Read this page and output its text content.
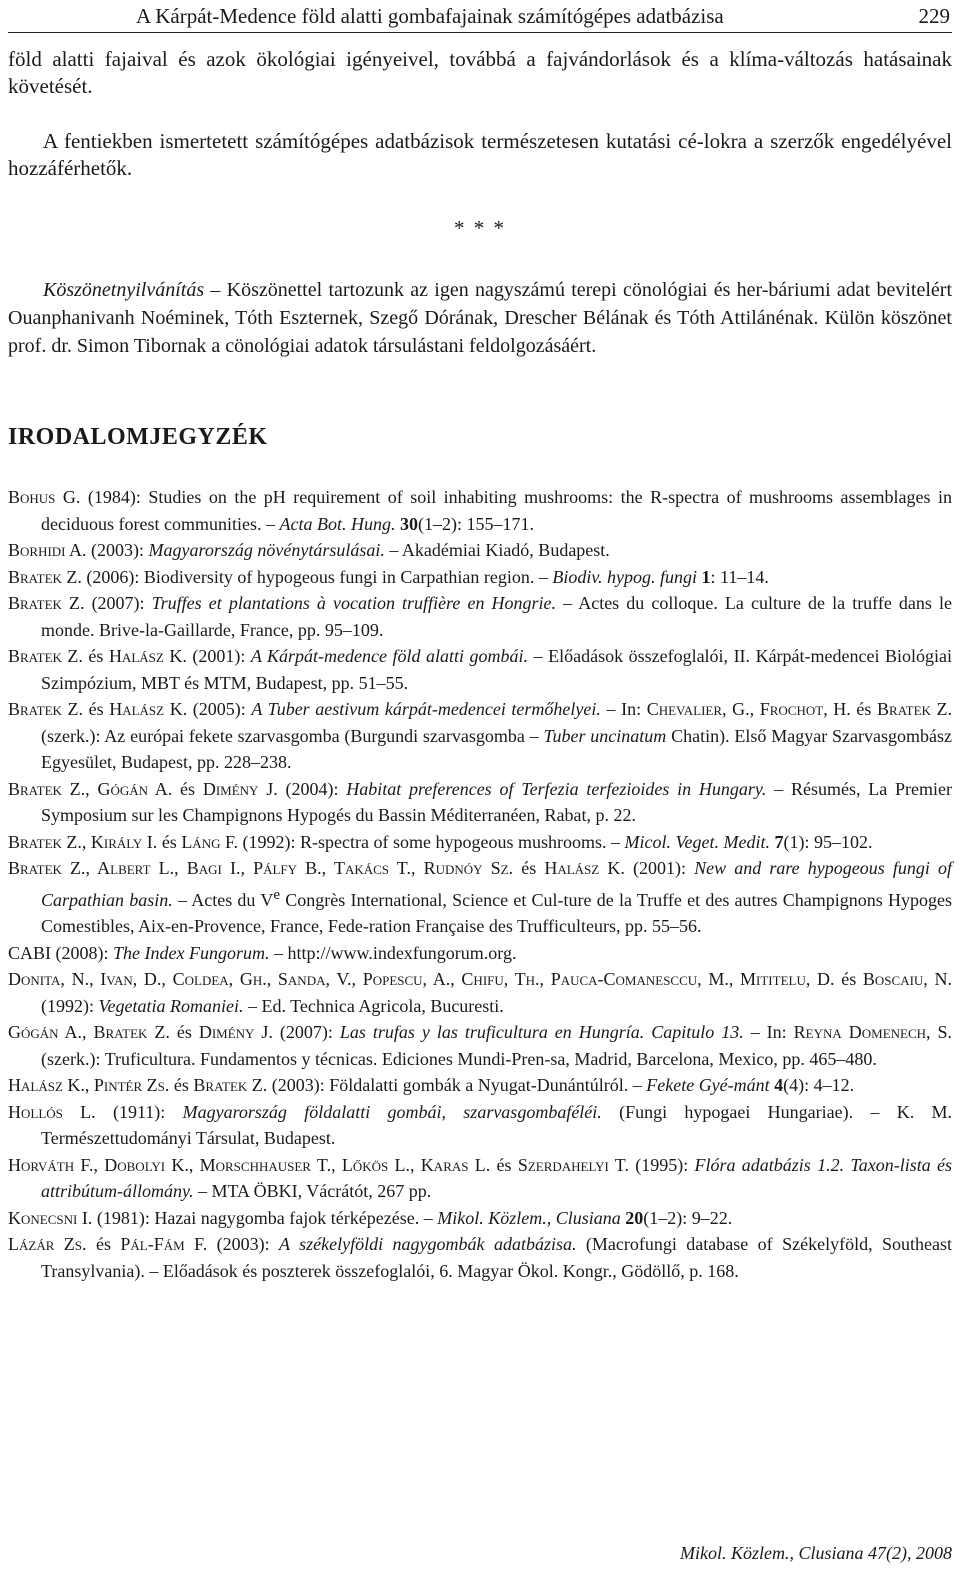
A Kárpát-Medence föld alatti gombafajainak számítógépes adatbázisa	229
föld alatti fajaival és azok ökológiai igényeivel, továbbá a fajvándorlások és a klíma-változás hatásainak követését.
A fentiekben ismertetett számítógépes adatbázisok természetesen kutatási cé-lokra a szerzők engedélyével hozzáférhetők.
* * *
Köszönetnyilvánítás – Köszönettel tartozunk az igen nagyszámú terepi cönológiai és her-báriumi adat bevitelért Ouanphanivanh Noéminek, Tóth Eszternek, Szegő Dórának, Drescher Bélának és Tóth Attilánénak. Külön köszönet prof. dr. Simon Tibornak a cönológiai adatok társulástani feldolgozásáért.
IRODALOMJEGYZÉK

Bohus G. (1984): Studies on the pH requirement of soil inhabiting mushrooms: the R-spectra of mushrooms assemblages in deciduous forest communities. – Acta Bot. Hung. 30(1–2): 155–171.

Borhidi A. (2003): Magyarország növénytársulásai. – Akadémiai Kiadó, Budapest.

Bratek Z. (2006): Biodiversity of hypogeous fungi in Carpathian region. – Biodiv. hypog. fungi 1: 11–14.

Bratek Z. (2007): Truffes et plantations à vocation truffière en Hongrie. – Actes du colloque. La culture de la truffe dans le monde. Brive-la-Gaillarde, France, pp. 95–109.

Bratek Z. és Halász K. (2001): A Kárpát-medence föld alatti gombái. – Előadások összefoglalói, II. Kárpát-medencei Biológiai Szimpózium, MBT és MTM, Budapest, pp. 51–55.

Bratek Z. és Halász K. (2005): A Tuber aestivum kárpát-medencei termőhelyei. – In: Chevalier, G., Frochot, H. és Bratek Z. (szerk.): Az európai fekete szarvasgomba (Burgundi szarvasgomba – Tuber uncinatum Chatin). Első Magyar Szarvasgombász Egyesület, Budapest, pp. 228–238.

Bratek Z., Gógán A. és Dimény J. (2004): Habitat preferences of Terfezia terfezioides in Hungary. – Résumés, La Premier Symposium sur les Champignons Hypogés du Bassin Méditerranéen, Rabat, p. 22.

Bratek Z., Király I. és Láng F. (1992): R-spectra of some hypogeous mushrooms. – Micol. Veget. Medit. 7(1): 95–102.

Bratek Z., Albert L., Bagi I., Pálfy B., Takács T., Rudnóy Sz. és Halász K. (2001): New and rare hypogeous fungi of Carpathian basin. – Actes du Ve Congrès International, Science et Cul-ture de la Truffe et des autres Champignons Hypoges Comestibles, Aix-en-Provence, France, Fede-ration Française des Trufficulteurs, pp. 55–56.

CABI (2008): The Index Fungorum. – http://www.indexfungorum.org.

Donita, N., Ivan, D., Coldea, Gh., Sanda, V., Popescu, A., Chifu, Th., Pauca-Comanesccu, M., Mititelu, D. és Boscaiu, N. (1992): Vegetatia Romaniei. – Ed. Technica Agricola, Bucuresti.

Gógán A., Bratek Z. és Dimény J. (2007): Las trufas y las truficultura en Hungría. Capitulo 13. – In: Reyna Domenech, S. (szerk.): Truficultura. Fundamentos y técnicas. Ediciones Mundi-Pren-sa, Madrid, Barcelona, Mexico, pp. 465–480.

Halász K., Pintér Zs. és Bratek Z. (2003): Földalatti gombák a Nyugat-Dunántúlról. – Fekete Gyé-mánt 4(4): 4–12.

Hollós L. (1911): Magyarország földalatti gombái, szarvasgombaféléi. (Fungi hypogaei Hungariae). – K. M. Természettudományi Társulat, Budapest.

Horváth F., Dobolyi K., Morschhauser T., Lőkös L., Karas L. és Szerdahelyi T. (1995): Flóra adatbázis 1.2. Taxon-lista és attribútum-állomány. – MTA ÖBKI, Vácrátót, 267 pp.

Konecsni I. (1981): Hazai nagygomba fajok térképezése. – Mikol. Közlem., Clusiana 20(1–2): 9–22.

Lázár Zs. és Pál-Fám F. (2003): A székelyföldi nagygombák adatbázisa. (Macrofungi database of Székelyföld, Southeast Transylvania). – Előadások és poszterek összefoglalói, 6. Magyar Ökol. Kongr., Gödöllő, p. 168.

Mikol. Közlem., Clusiana 47(2), 2008
